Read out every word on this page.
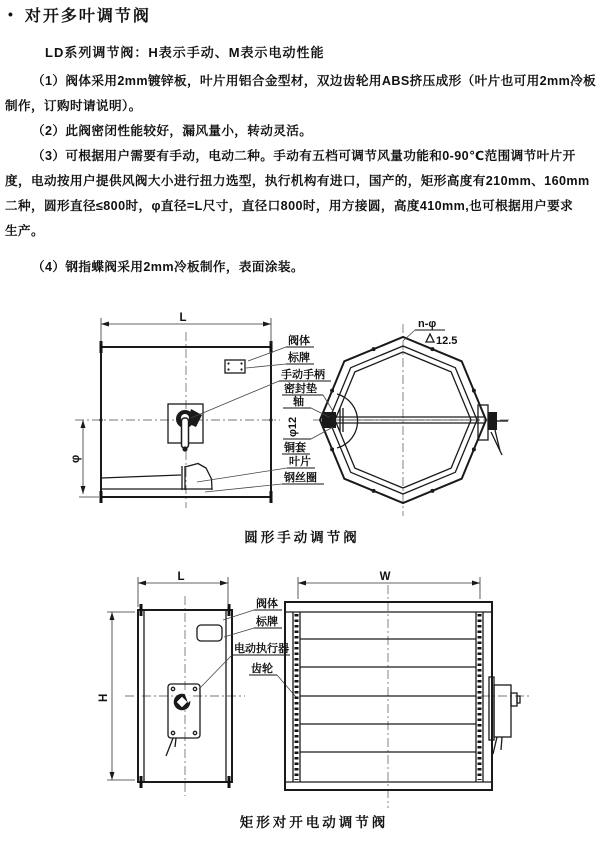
• 对开多叶调节阀
LD系列调节阀：H表示手动、M表示电动性能
（1）阀体采用2mm镀锌板，叶片用铝合金型材，双边齿轮用ABS挤压成形（叶片也可用2mm冷板
制作，订购时请说明）。
（2）此阀密闭性能较好，漏风量小，转动灵活。
（3）可根据用户需要有手动，电动二种。手动有五档可调节风量功能和0-90℃范围调节叶片开
度，电动按用户提供风阀大小进行扭力选型，执行机构有进口，国产的，矩形高度有210mm、160mm
二种，圆形直径≤800时，φ直径=L尺寸，直径口800时，用方接圆，高度410mm,也可根据用户要求
生产。
（4）钢指蝶阀采用2mm冷板制作，表面涂装。
L
φ
n-φ
12.5
阀体
标牌
手动手柄
密封垫
轴
φ12
铜套
叶片
钢丝圈
圆形手动调节阀
L
H
阀体
标牌
电动执行器
齿轮
W
矩形对开电动调节阀
